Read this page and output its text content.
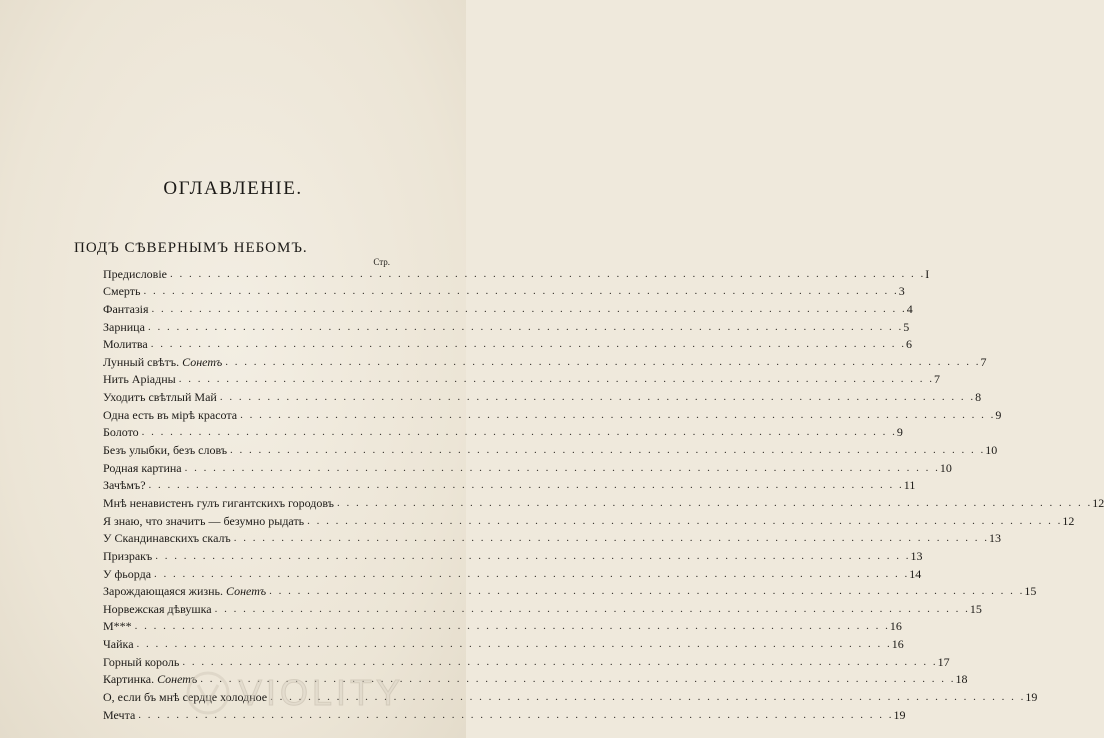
ОГЛАВЛЕНІЕ.
ПОДЪ СѢВЕРНЫМЪ НЕБОМЪ.
Стр.
Предисловіе . . . . . . . . . . . . . . . . . . . . . . . . . . . . . . . . . . . . . . . . . . . . . . . . . . . . . . . . . . . . . . . . . . . . . . . . . . . . . . . . I
Смерть . . . . . . . . . . . . . . . . . . . . . . . . . . . . . . . . . . . . . . . . . . . . . . . . . . . . . . . . . . . . . . . . . . . . . . . . . . . . . . . . 3
Фантазія . . . . . . . . . . . . . . . . . . . . . . . . . . . . . . . . . . . . . . . . . . . . . . . . . . . . . . . . . . . . . . . . . . . . . . . . . . . . . . . . 4
Зарница . . . . . . . . . . . . . . . . . . . . . . . . . . . . . . . . . . . . . . . . . . . . . . . . . . . . . . . . . . . . . . . . . . . . . . . . . . . . . . . . 5
Молитва . . . . . . . . . . . . . . . . . . . . . . . . . . . . . . . . . . . . . . . . . . . . . . . . . . . . . . . . . . . . . . . . . . . . . . . . . . . . . . . . 6
Лунный свѣтъ. Сонетъ . . . . . . . . . . . . . . . . . . . . . . . . . . . . . . . . . . . . . . . . . . . . . . . . . . . . . . . . . . . . . . . . . . . . . . . . . . . . . . . . 7
Нить Аріадны . . . . . . . . . . . . . . . . . . . . . . . . . . . . . . . . . . . . . . . . . . . . . . . . . . . . . . . . . . . . . . . . . . . . . . . . . . . . . . . . 7
Уходитъ свѣтлый Май . . . . . . . . . . . . . . . . . . . . . . . . . . . . . . . . . . . . . . . . . . . . . . . . . . . . . . . . . . . . . . . . . . . . . . . . . . . . . . . . 8
Одна есть въ мірѣ красота . . . . . . . . . . . . . . . . . . . . . . . . . . . . . . . . . . . . . . . . . . . . . . . . . . . . . . . . . . . . . . . . . . . . . . . . . . . . . . . . 9
Болото . . . . . . . . . . . . . . . . . . . . . . . . . . . . . . . . . . . . . . . . . . . . . . . . . . . . . . . . . . . . . . . . . . . . . . . . . . . . . . . . 9
Безъ улыбки, безъ словъ . . . . . . . . . . . . . . . . . . . . . . . . . . . . . . . . . . . . . . . . . . . . . . . . . . . . . . . . . . . . . . . . . . . . . . . . . . . . . . . . 10
Родная картина . . . . . . . . . . . . . . . . . . . . . . . . . . . . . . . . . . . . . . . . . . . . . . . . . . . . . . . . . . . . . . . . . . . . . . . . . . . . . . . . 10
Зачѣмъ? . . . . . . . . . . . . . . . . . . . . . . . . . . . . . . . . . . . . . . . . . . . . . . . . . . . . . . . . . . . . . . . . . . . . . . . . . . . . . . . . 11
Мнѣ ненавистенъ гулъ гигантскихъ городовъ . . . . . . . . . . . . . . . . . . . . . . . . . . . . . . . . . . . . . . . . . . . . . . . . . . . . . . . . . . . . . . . . . . . . . . . . . . . . . . . . 12
Я знаю, что значитъ — безумно рыдать . . . . . . . . . . . . . . . . . . . . . . . . . . . . . . . . . . . . . . . . . . . . . . . . . . . . . . . . . . . . . . . . . . . . . . . . . . . . . . . . 12
У Скандинавскихъ скалъ . . . . . . . . . . . . . . . . . . . . . . . . . . . . . . . . . . . . . . . . . . . . . . . . . . . . . . . . . . . . . . . . . . . . . . . . . . . . . . . . 13
Призракъ . . . . . . . . . . . . . . . . . . . . . . . . . . . . . . . . . . . . . . . . . . . . . . . . . . . . . . . . . . . . . . . . . . . . . . . . . . . . . . . . 13
У фьорда . . . . . . . . . . . . . . . . . . . . . . . . . . . . . . . . . . . . . . . . . . . . . . . . . . . . . . . . . . . . . . . . . . . . . . . . . . . . . . . . 14
Зарождающаяся жизнь. Сонетъ . . . . . . . . . . . . . . . . . . . . . . . . . . . . . . . . . . . . . . . . . . . . . . . . . . . . . . . . . . . . . . . . . . . . . . . . . . . . . . . . 15
Норвежская дѣвушка . . . . . . . . . . . . . . . . . . . . . . . . . . . . . . . . . . . . . . . . . . . . . . . . . . . . . . . . . . . . . . . . . . . . . . . . . . . . . . . . 15
М*** . . . . . . . . . . . . . . . . . . . . . . . . . . . . . . . . . . . . . . . . . . . . . . . . . . . . . . . . . . . . . . . . . . . . . . . . . . . . . . . . 16
Чайка . . . . . . . . . . . . . . . . . . . . . . . . . . . . . . . . . . . . . . . . . . . . . . . . . . . . . . . . . . . . . . . . . . . . . . . . . . . . . . . . 16
Горный король . . . . . . . . . . . . . . . . . . . . . . . . . . . . . . . . . . . . . . . . . . . . . . . . . . . . . . . . . . . . . . . . . . . . . . . . . . . . . . . . 17
Картинка. Сонетъ . . . . . . . . . . . . . . . . . . . . . . . . . . . . . . . . . . . . . . . . . . . . . . . . . . . . . . . . . . . . . . . . . . . . . . . . . . . . . . . . 18
О, если бъ мнѣ сердце холодное . . . . . . . . . . . . . . . . . . . . . . . . . . . . . . . . . . . . . . . . . . . . . . . . . . . . . . . . . . . . . . . . . . . . . . . . . . . . . . . . 19
Мечта . . . . . . . . . . . . . . . . . . . . . . . . . . . . . . . . . . . . . . . . . . . . . . . . . . . . . . . . . . . . . . . . . . . . . . . . . . . . . . . . 19
VIOLITY
